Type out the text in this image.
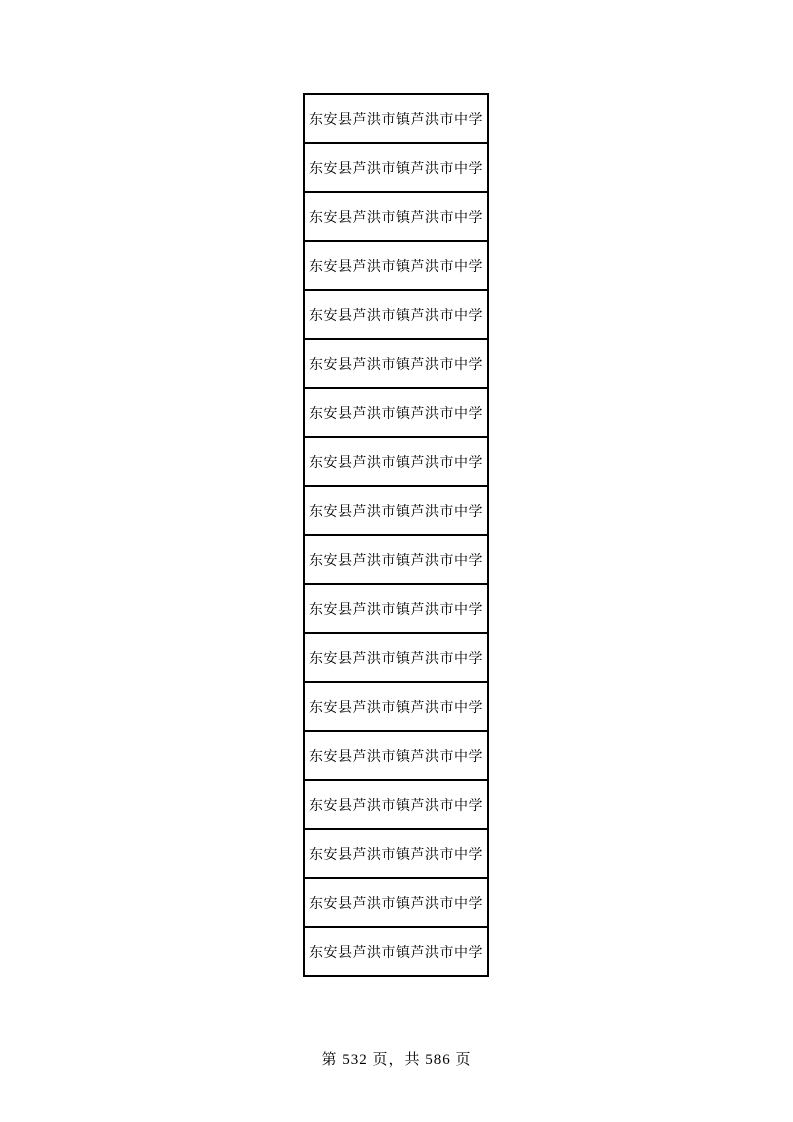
东安县芦洪市镇芦洪市中学
东安县芦洪市镇芦洪市中学
东安县芦洪市镇芦洪市中学
东安县芦洪市镇芦洪市中学
东安县芦洪市镇芦洪市中学
东安县芦洪市镇芦洪市中学
东安县芦洪市镇芦洪市中学
东安县芦洪市镇芦洪市中学
东安县芦洪市镇芦洪市中学
东安县芦洪市镇芦洪市中学
东安县芦洪市镇芦洪市中学
东安县芦洪市镇芦洪市中学
东安县芦洪市镇芦洪市中学
东安县芦洪市镇芦洪市中学
东安县芦洪市镇芦洪市中学
东安县芦洪市镇芦洪市中学
东安县芦洪市镇芦洪市中学
东安县芦洪市镇芦洪市中学
第 532 页，共 586 页
